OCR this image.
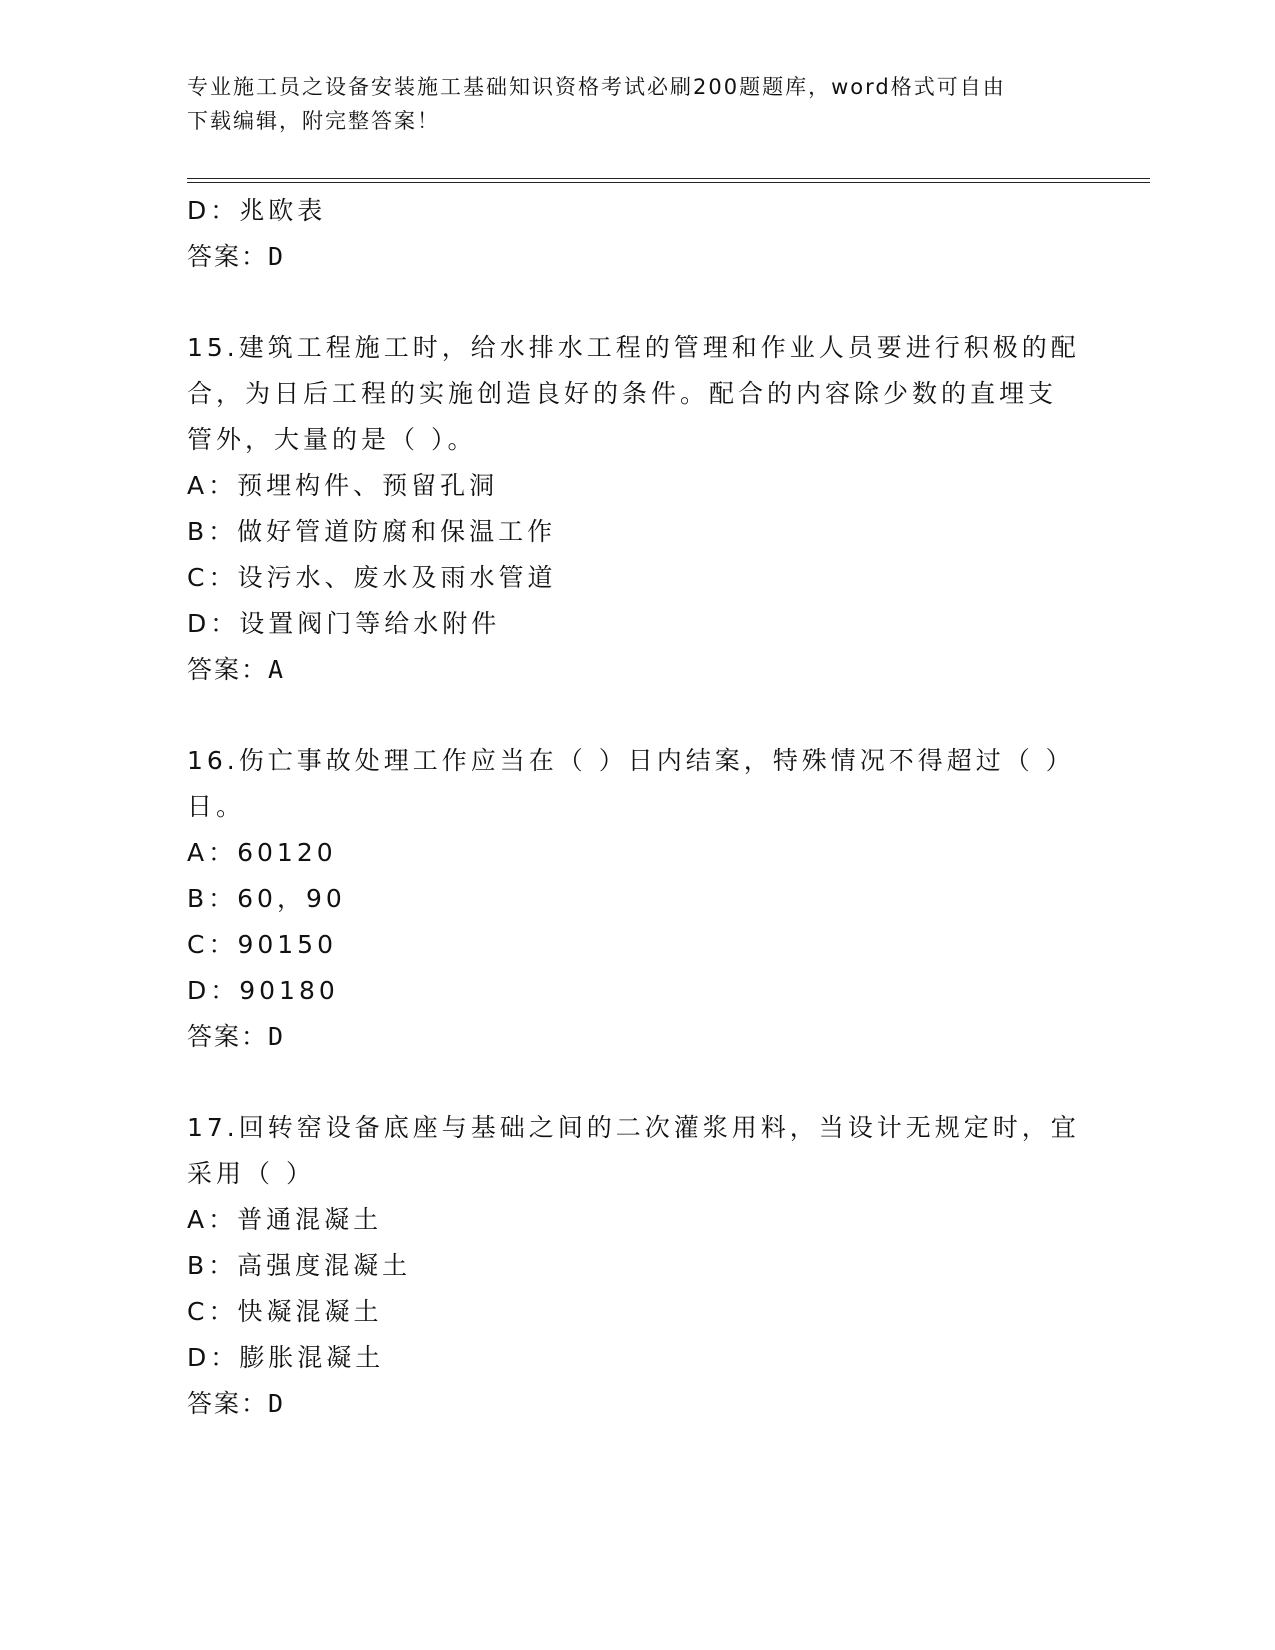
专业施工员之设备安装施工基础知识资格考试必刷200题题库，word格式可自由
下载编辑，附完整答案！
D：兆欧表
答案：D
15.建筑工程施工时，给水排水工程的管理和作业人员要进行积极的配
合，为日后工程的实施创造良好的条件。配合的内容除少数的直埋支
管外，大量的是（ ）。
A：预埋构件、预留孔洞
B：做好管道防腐和保温工作
C：设污水、废水及雨水管道
D：设置阀门等给水附件
答案：A
16.伤亡事故处理工作应当在（ ）日内结案，特殊情况不得超过（ ）
日。
A：60120
B：60，90
C：90150
D：90180
答案：D
17.回转窑设备底座与基础之间的二次灌浆用料，当设计无规定时，宜
采用（ ）
A：普通混凝土
B：高强度混凝土
C：快凝混凝土
D：膨胀混凝土
答案：D
